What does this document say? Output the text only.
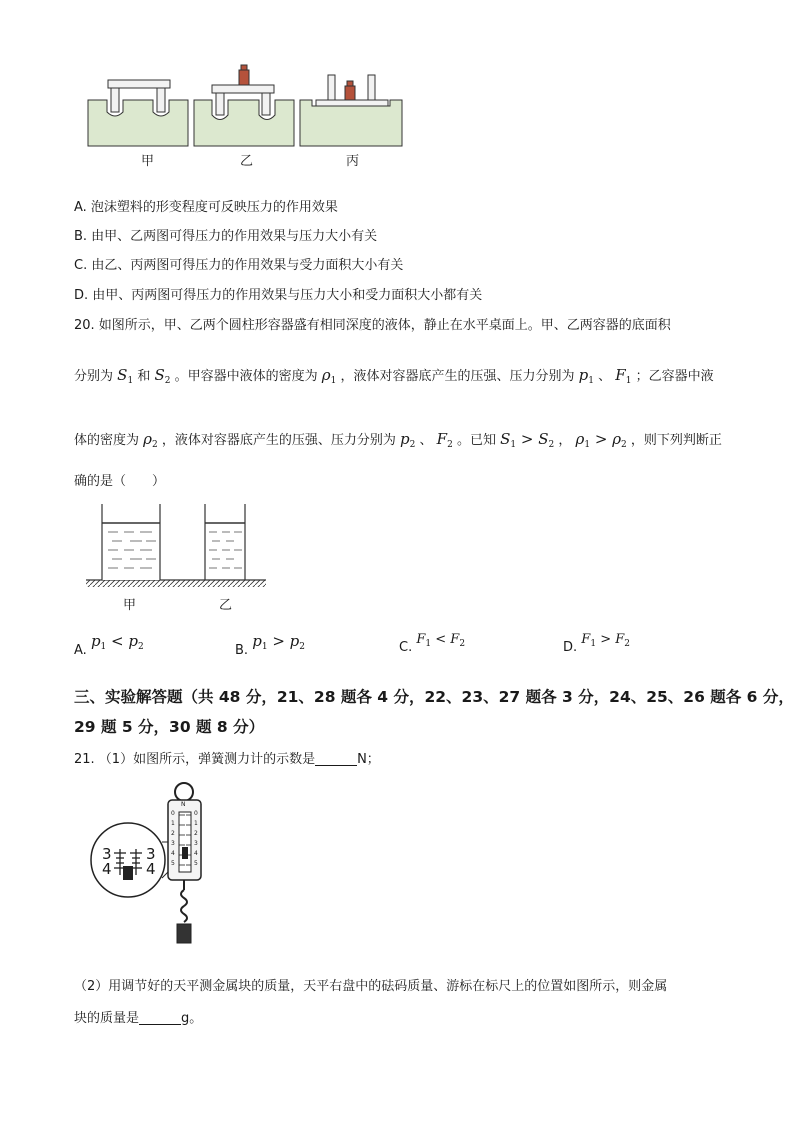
甲	乙	丙
A. 泡沫塑料的形变程度可反映压力的作用效果
B. 由甲、乙两图可得压力的作用效果与压力大小有关
C. 由乙、丙两图可得压力的作用效果与受力面积大小有关
D. 由甲、丙两图可得压力的作用效果与压力大小和受力面积大小都有关
20. 如图所示，甲、乙两个圆柱形容器盛有相同深度的液体，静止在水平桌面上。甲、乙两容器的底面积
分别为 $S_1$ 和 $S_2$ 。甲容器中液体的密度为 $\rho_1$ ，液体对容器底产生的压强、压力分别为 $p_1$ 、 $F_1$ ；乙容器中液
体的密度为 $\rho_2$ ，液体对容器底产生的压强、压力分别为 $p_2$ 、 $F_2$ 。已知 $S_1 > S_2$ ， $\rho_1 > \rho_2$ ，则下列判断正
确的是（　　）
甲	乙
A. $p_1 < p_2$	B. $p_1 > p_2$	C. $F_1 < F_2$	D. $F_1 > F_2$
三、实验解答题（共 48 分，21、28 题各 4 分，22、23、27 题各 3 分，24、25、26 题各 6 分，
29 题 5 分，30 题 8 分）
21. （1）如图所示，弹簧测力计的示数是	N；
N
0
1
2
3
4
5
0
1
2
3
4
5
3
4
3
4
（2）用调节好的天平测金属块的质量，天平右盘中的砝码质量、游标在标尺上的位置如图所示，则金属
块的质量是	g。
